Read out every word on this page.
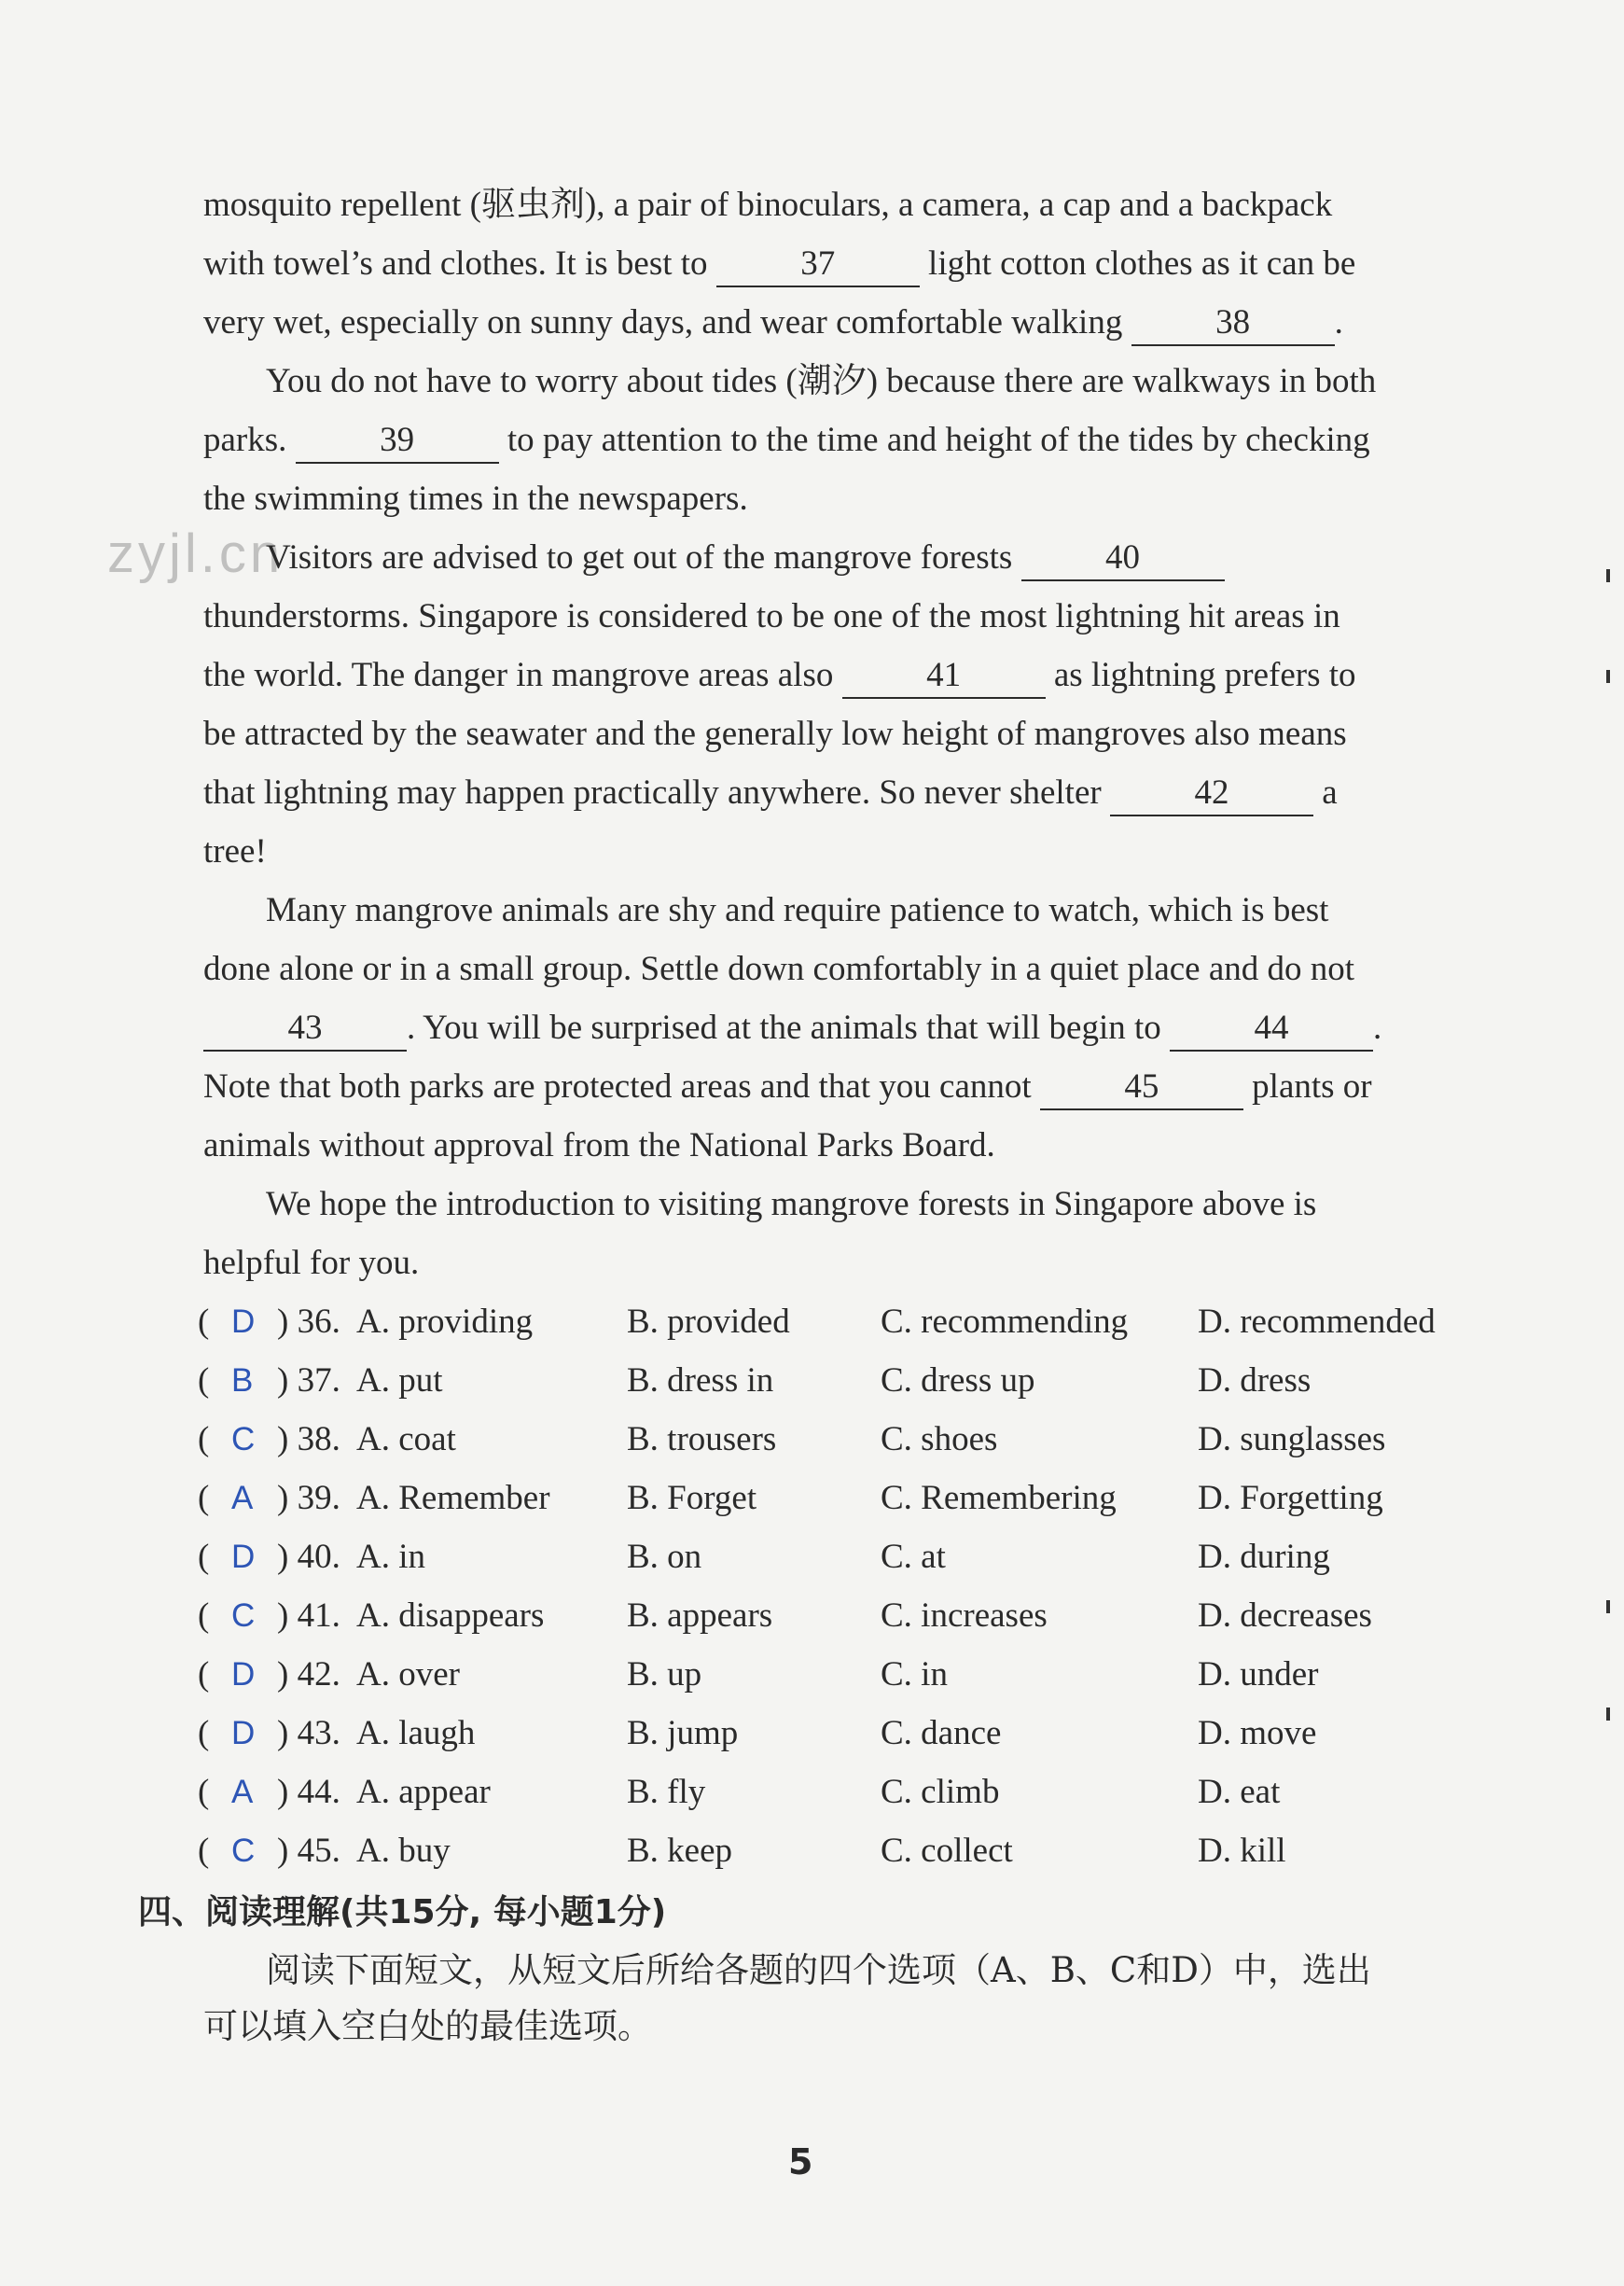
zyjl.cn
mosquito repellent (驱虫剂), a pair of binoculars, a camera, a cap and a backpack
with towel’s and clothes. It is best to	37	light cotton clothes as it can be
very wet, especially on sunny days, and wear comfortable walking	38 .
You do not have to worry about tides (潮汐) because there are walkways in both
parks.	39	to pay attention to the time and height of the tides by checking
the swimming times in the newspapers.
Visitors are advised to get out of the mangrove forests	40
thunderstorms. Singapore is considered to be one of the most lightning hit areas in
the world. The danger in mangrove areas also	41	as lightning prefers to
be attracted by the seawater and the generally low height of mangroves also means
that lightning may happen practically anywhere. So never shelter	42	a
tree!
Many mangrove animals are shy and require patience to watch, which is best
done alone or in a small group. Settle down comfortably in a quiet place and do not
43 . You will be surprised at the animals that will begin to	44 .
Note that both parks are protected areas and that you cannot	45	plants or
animals without approval from the National Parks Board.
We hope the introduction to visiting mangrove forests in Singapore above is
helpful for you.
( D ) 36. A. providing	B. provided	C. recommending D. recommended
( B ) 37. A. put	B. dress in	C. dress up	D. dress
( C ) 38. A. coat	B. trousers	C. shoes	D. sunglasses
( A ) 39. A. Remember B. Forget	C. Remembering D. Forgetting
( D ) 40. A. in	B. on	C. at	D. during
( C ) 41. A. disappears B. appears	C. increases	D. decreases
( D ) 42. A. over	B. up	C. in	D. under
( D ) 43. A. laugh	B. jump	C. dance	D. move
( A ) 44. A. appear	B. fly	C. climb	D. eat
( C ) 45. A. buy	B. keep	C. collect	D. kill
四、阅读理解(共15分, 每小题1分)
阅读下面短文，从短文后所给各题的四个选项（A、B、C和D）中，选出
可以填入空白处的最佳选项。
5
